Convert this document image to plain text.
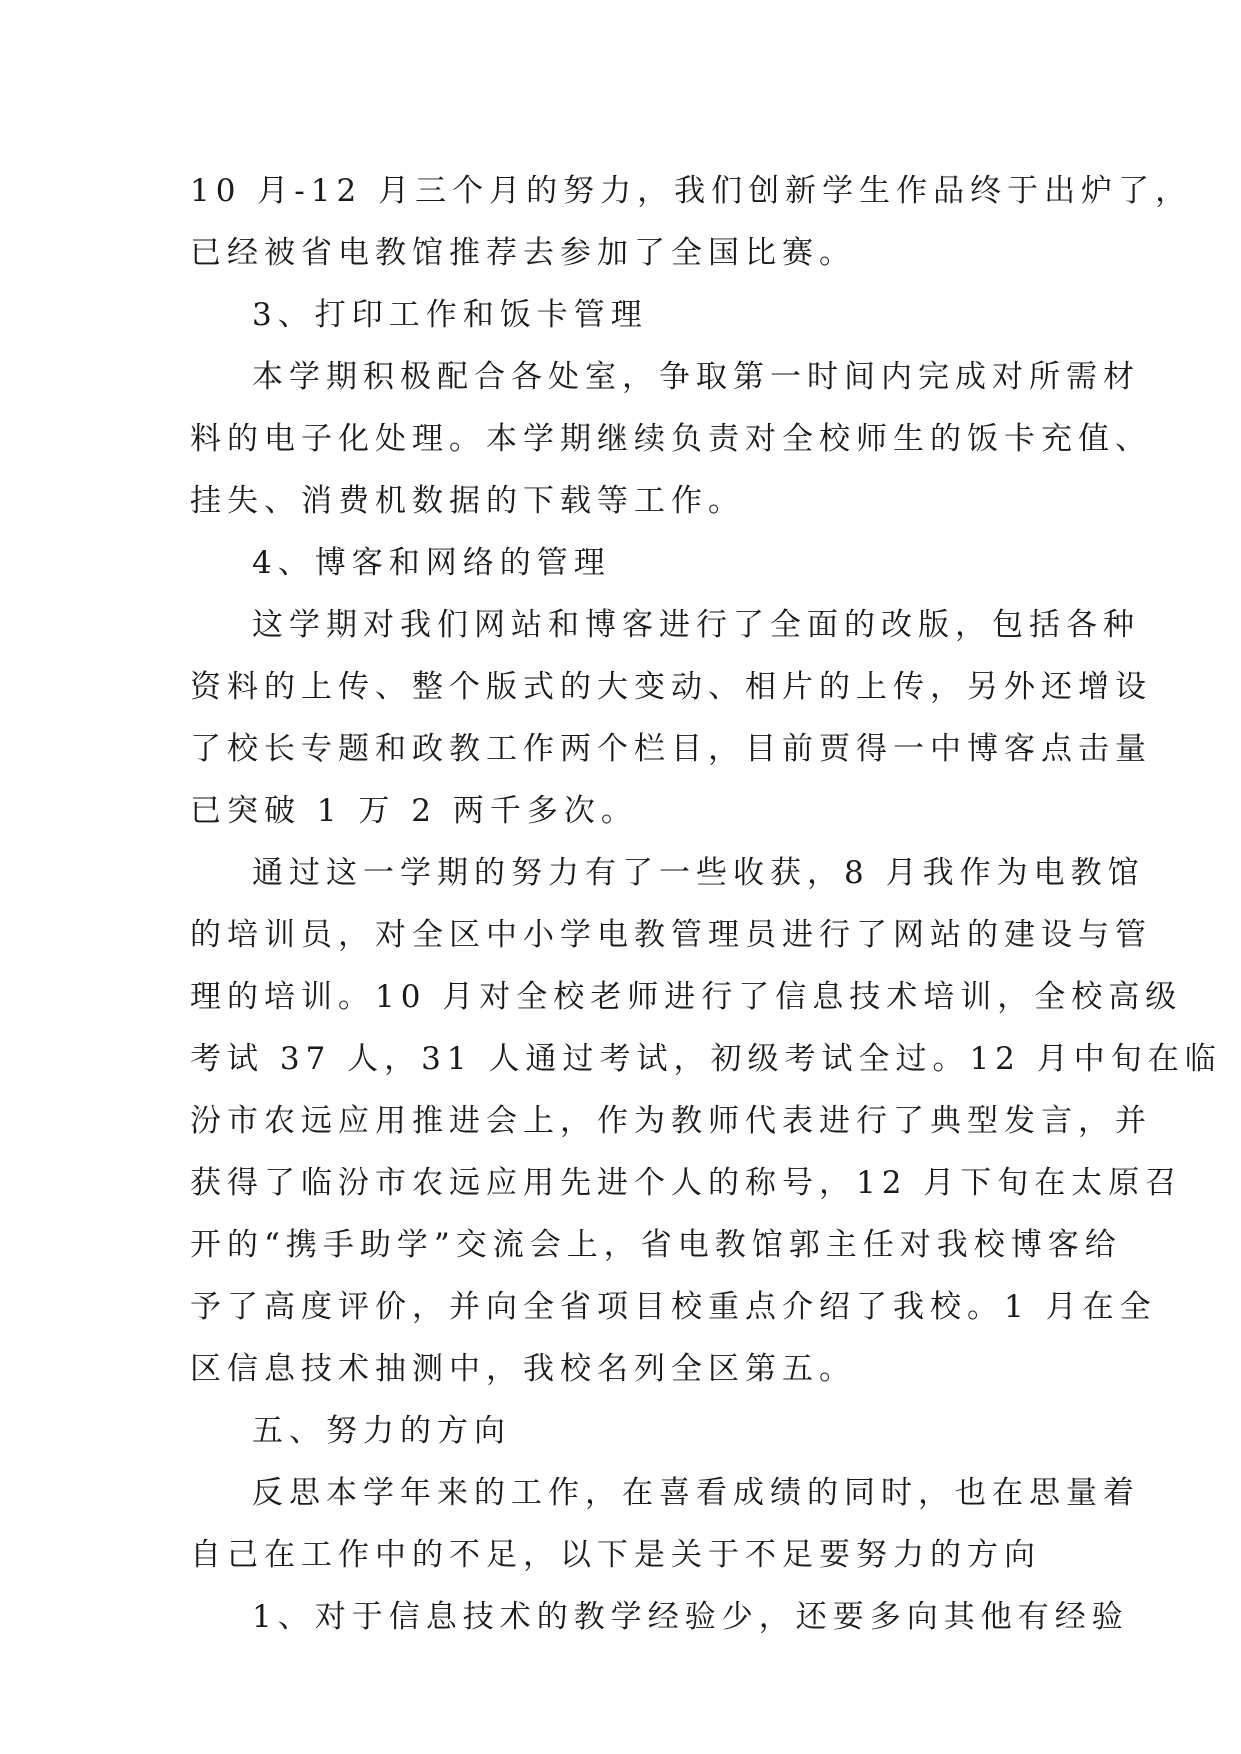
10 月-12 月三个月的努力，我们创新学生作品终于出炉了，
已经被省电教馆推荐去参加了全国比赛。
3、打印工作和饭卡管理
本学期积极配合各处室，争取第一时间内完成对所需材
料的电子化处理。本学期继续负责对全校师生的饭卡充值、
挂失、消费机数据的下载等工作。
4、博客和网络的管理
这学期对我们网站和博客进行了全面的改版，包括各种
资料的上传、整个版式的大变动、相片的上传，另外还增设
了校长专题和政教工作两个栏目，目前贾得一中博客点击量
已突破 1 万 2 两千多次。
通过这一学期的努力有了一些收获，8 月我作为电教馆
的培训员，对全区中小学电教管理员进行了网站的建设与管
理的培训。10 月对全校老师进行了信息技术培训，全校高级
考试 37 人，31 人通过考试，初级考试全过。12 月中旬在临
汾市农远应用推进会上，作为教师代表进行了典型发言，并
获得了临汾市农远应用先进个人的称号，12 月下旬在太原召
开的“携手助学”交流会上，省电教馆郭主任对我校博客给
予了高度评价，并向全省项目校重点介绍了我校。1 月在全
区信息技术抽测中，我校名列全区第五。
五、努力的方向
反思本学年来的工作，在喜看成绩的同时，也在思量着
自己在工作中的不足，以下是关于不足要努力的方向
1、对于信息技术的教学经验少，还要多向其他有经验
